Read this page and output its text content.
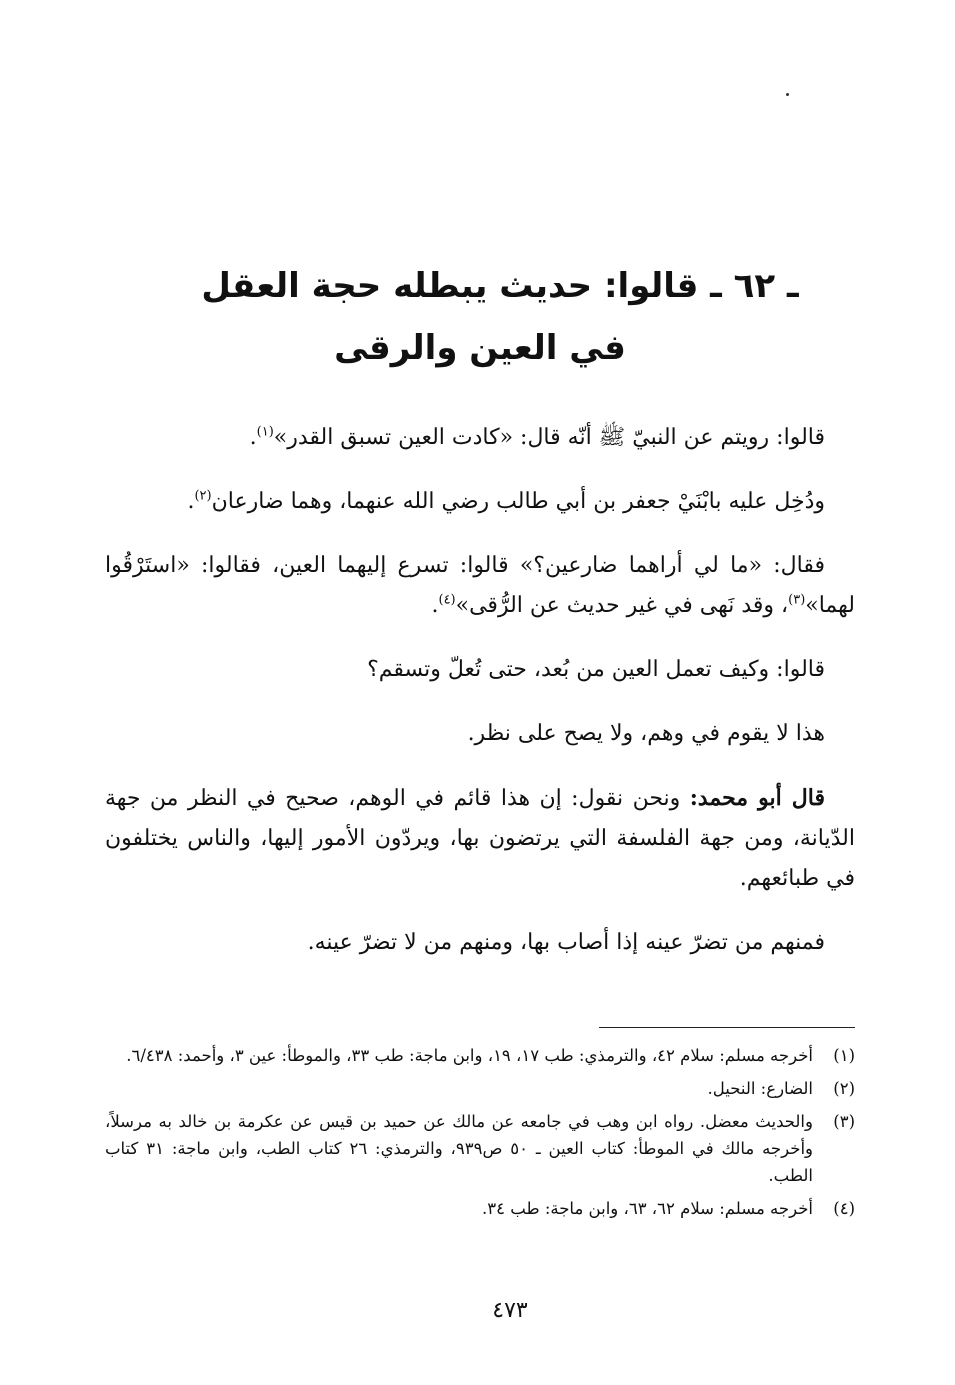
ـ ٦٢ ـ قالوا: حديث يبطله حجة العقل
في العين والرقى

قالوا: رويتم عن النبيّ ﷺ أنّه قال: «كادت العين تسبق القدر»$^{(١)}$.

ودُخِل عليه بابْنَيْ جعفر بن أبي طالب رضي الله عنهما، وهما ضارعان$^{(٢)}$.

فقال: «ما لي أراهما ضارعين؟» قالوا: تسرع إليهما العين، فقالوا: «استَرْقُوا لهما»$^{(٣)}$، وقد نَهى في غير حديث عن الرُّقى»$^{(٤)}$.

قالوا: وكيف تعمل العين من بُعد، حتى تُعلّ وتسقم؟

هذا لا يقوم في وهم، ولا يصح على نظر.

قال أبو محمد: ونحن نقول: إن هذا قائم في الوهم، صحيح في النظر من جهة الدّيانة، ومن جهة الفلسفة التي يرتضون بها، ويردّون الأمور إليها، والناس يختلفون في طبائعهم.

فمنهم من تضرّ عينه إذا أصاب بها، ومنهم من لا تضرّ عينه.

(١)
أخرجه مسلم: سلام ٤٢، والترمذي: طب ١٧، ١٩، وابن ماجة: طب ٣٣، والموطأ: عين ٣، وأحمد: ٦/٤٣٨.
(٢)
الضارع: النحيل.
(٣)
والحديث معضل. رواه ابن وهب في جامعه عن مالك عن حميد بن قيس عن عكرمة بن خالد به مرسلاً، وأخرجه مالك في الموطأ: كتاب العين ـ ٥٠ ص٩٣٩، والترمذي: ٢٦ كتاب الطب، وابن ماجة: ٣١ كتاب الطب.
(٤)
أخرجه مسلم: سلام ٦٢، ٦٣، وابن ماجة: طب ٣٤.
٤٧٣
